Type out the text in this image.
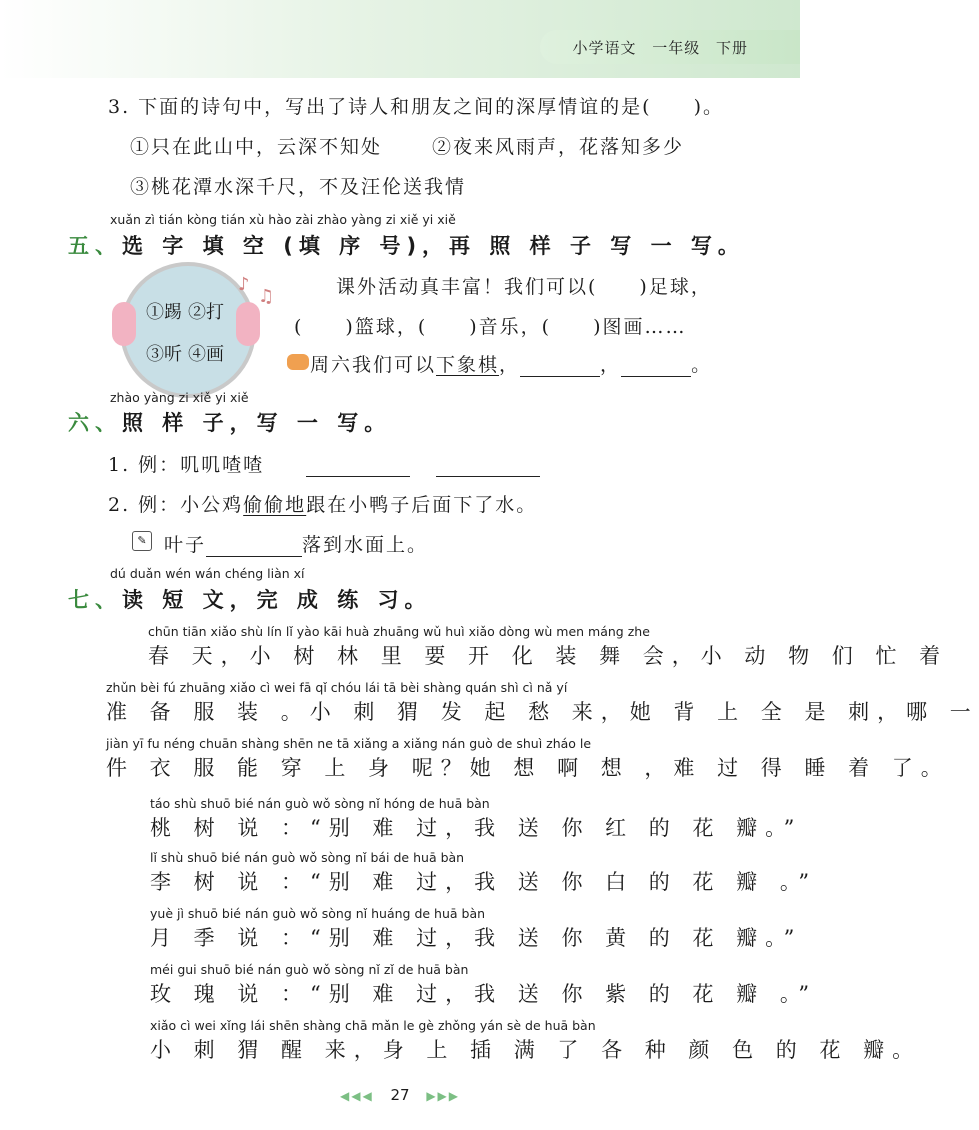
小学语文 一年级 下册
3. 下面的诗句中，写出了诗人和朋友之间的深厚情谊的是(　　)。
①只在此山中，云深不知处	②夜来风雨声，花落知多少
③桃花潭水深千尺，不及汪伦送我情
xuǎn zì tián kòng tián xù hào zài zhào yàng zi xiě yi xiě
五、选 字 填 空 (填 序 号)，再 照 样 子 写 一 写。
♪
♫
①踢 ②打
③听 ④画
课外活动真丰富！我们可以(　　)足球，
(　　)篮球，(　　)音乐，(　　)图画……
周六我们可以下象棋，	，	。
zhào yàng zi xiě yi xiě
六、照 样 子，写 一 写。
1. 例：叽叽喳喳
2. 例：小公鸡偷偷地跟在小鸭子后面下了水。
✎ 叶子	落到水面上。
dú duǎn wén wán chéng liàn xí
七、读 短 文，完 成 练 习。
chūn tiān xiǎo shù lín lǐ yào kāi huà zhuāng wǔ huì xiǎo dòng wù men máng zhe
春 天，小 树 林 里 要 开 化 装 舞 会，小 动 物 们 忙 着
zhǔn bèi fú zhuāng xiǎo cì wei fā qǐ chóu lái tā bèi shàng quán shì cì nǎ yí
准 备 服 装 。小 刺 猬 发 起 愁 来，她 背 上 全 是 刺，哪 一
jiàn yī fu néng chuān shàng shēn ne tā xiǎng a xiǎng nán guò de shuì zháo le
件 衣 服 能 穿 上 身 呢？她 想 啊 想 ，难 过 得 睡 着 了。
táo shù shuō bié nán guò wǒ sòng nǐ hóng de huā bàn
桃 树 说 ：“别 难 过，我 送 你 红 的 花 瓣。”
lǐ shù shuō bié nán guò wǒ sòng nǐ bái de huā bàn
李 树 说 ：“别 难 过，我 送 你 白 的 花 瓣 。”
yuè jì shuō bié nán guò wǒ sòng nǐ huáng de huā bàn
月 季 说 ：“别 难 过，我 送 你 黄 的 花 瓣。”
méi gui shuō bié nán guò wǒ sòng nǐ zǐ de huā bàn
玫 瑰 说 ：“别 难 过，我 送 你 紫 的 花 瓣 。”
xiǎo cì wei xǐng lái shēn shàng chā mǎn le gè zhǒng yán sè de huā bàn
小 刺 猬 醒 来，身 上 插 满 了 各 种 颜 色 的 花 瓣。
◀◀◀ 27 ▶▶▶
